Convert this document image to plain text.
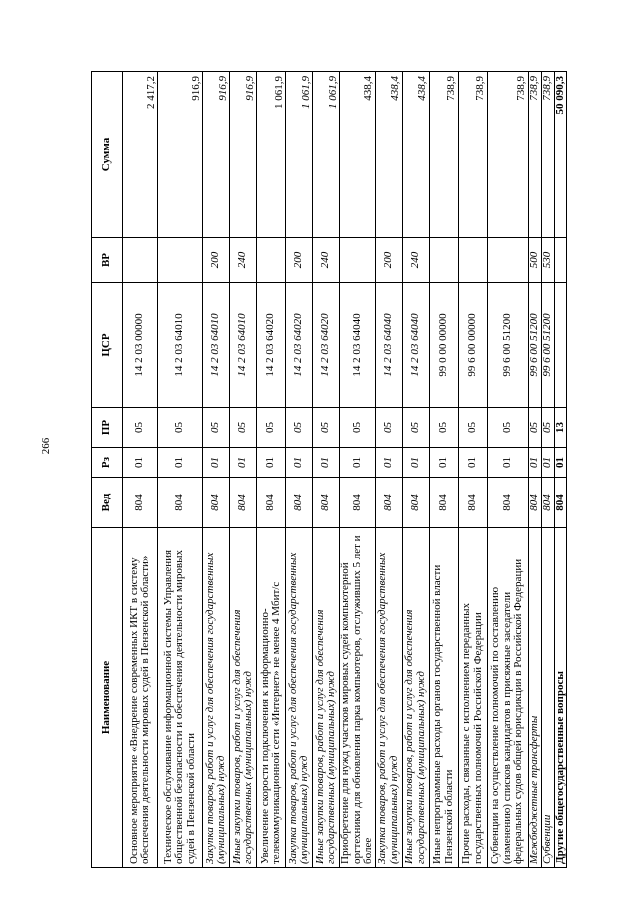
266
Наименование	Вед	Рз	ПР	ЦСР	ВР	Сумма
Основное мероприятие «Внедрение современных ИКТ в систему обеспечения деятельности мировых судей в Пензенской области»	804	01	05	14 2 03 00000		2 417,2
Техническое обслуживание информационной системы Управления общественной безопасности и обеспечения деятельности мировых судей в Пензенской области	804	01	05	14 2 03 64010		916,9
Закупка товаров, работ и услуг для обеспечения государственных (муниципальных) нужд	804	01	05	14 2 03 64010	200	916,9
Иные закупки товаров, работ и услуг для обеспечения государственных (муниципальных) нужд	804	01	05	14 2 03 64010	240	916,9
Увеличение скорости подключения к информационно-телекоммуникационной сети «Интернет» не менее 4 Мбит/с	804	01	05	14 2 03 64020		1 061,9
Закупка товаров, работ и услуг для обеспечения государственных (муниципальных) нужд	804	01	05	14 2 03 64020	200	1 061,9
Иные закупки товаров, работ и услуг для обеспечения государственных (муниципальных) нужд	804	01	05	14 2 03 64020	240	1 061,9
Приобретение для нужд участков мировых судей компьютерной оргтехники для обновления парка компьютеров, отслуживших 5 лет и более	804	01	05	14 2 03 64040		438,4
Закупка товаров, работ и услуг для обеспечения государственных (муниципальных) нужд	804	01	05	14 2 03 64040	200	438,4
Иные закупки товаров, работ и услуг для обеспечения государственных (муниципальных) нужд	804	01	05	14 2 03 64040	240	438,4
Иные непрограммные расходы органов государственной власти Пензенской области	804	01	05	99 0 00 00000		738,9
Прочие расходы, связанные с исполнением переданных государственных полномочий Российской Федерации	804	01	05	99 6 00 00000		738,9
Субвенции на осуществление полномочий по составлению (изменению) списков кандидатов в присяжные заседатели федеральных судов общей юрисдикции в Российской Федерации	804	01	05	99 6 00 51200		738,9
Межбюджетные трансферты	804	01	05	99 6 00 51200	500	738,9
Субвенции	804	01	05	99 6 00 51200	530	738,9
Другие общегосударственные вопросы	804	01	13			50 090,3
